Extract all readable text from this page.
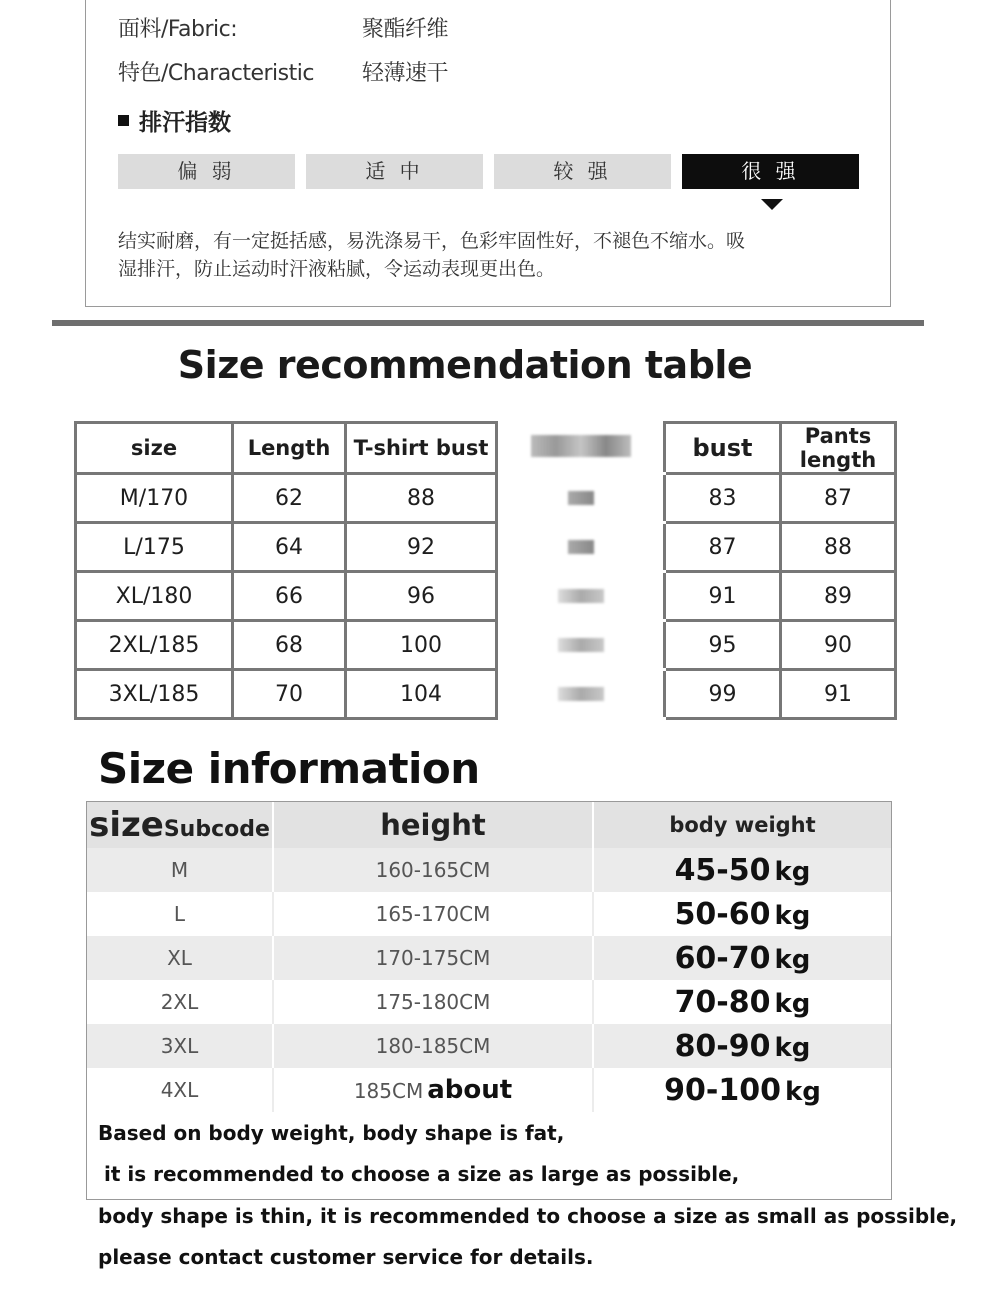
面料/Fabric:	聚酯纤维
特色/Characteristic 轻薄速干
排汗指数
偏 弱	适 中	较 强	很 强
结实耐磨，有一定挺括感，易洗涤易干，色彩牢固性好，不褪色不缩水。吸
湿排汗，防止运动时汗液粘腻，令运动表现更出色。
Size recommendation table
size	Length	T-shirt bust		bust	Pants length
M/170	62	88		83	87
L/175	64	92		87	88
XL/180	66	96		91	89
2XL/185	68	100		95	90
3XL/185	70	104		99	91
Size information
sizeSubcode	height	body weight
M	160-165CM	45-50 kg
L	165-170CM	50-60 kg
XL	170-175CM	60-70 kg
2XL	175-180CM	70-80 kg
3XL	180-185CM	80-90 kg
4XL	185CM about	90-100 kg
Based on body weight, body shape is fat,
it is recommended to choose a size as large as possible,
body shape is thin, it is recommended to choose a size as small as possible,
please contact customer service for details.
